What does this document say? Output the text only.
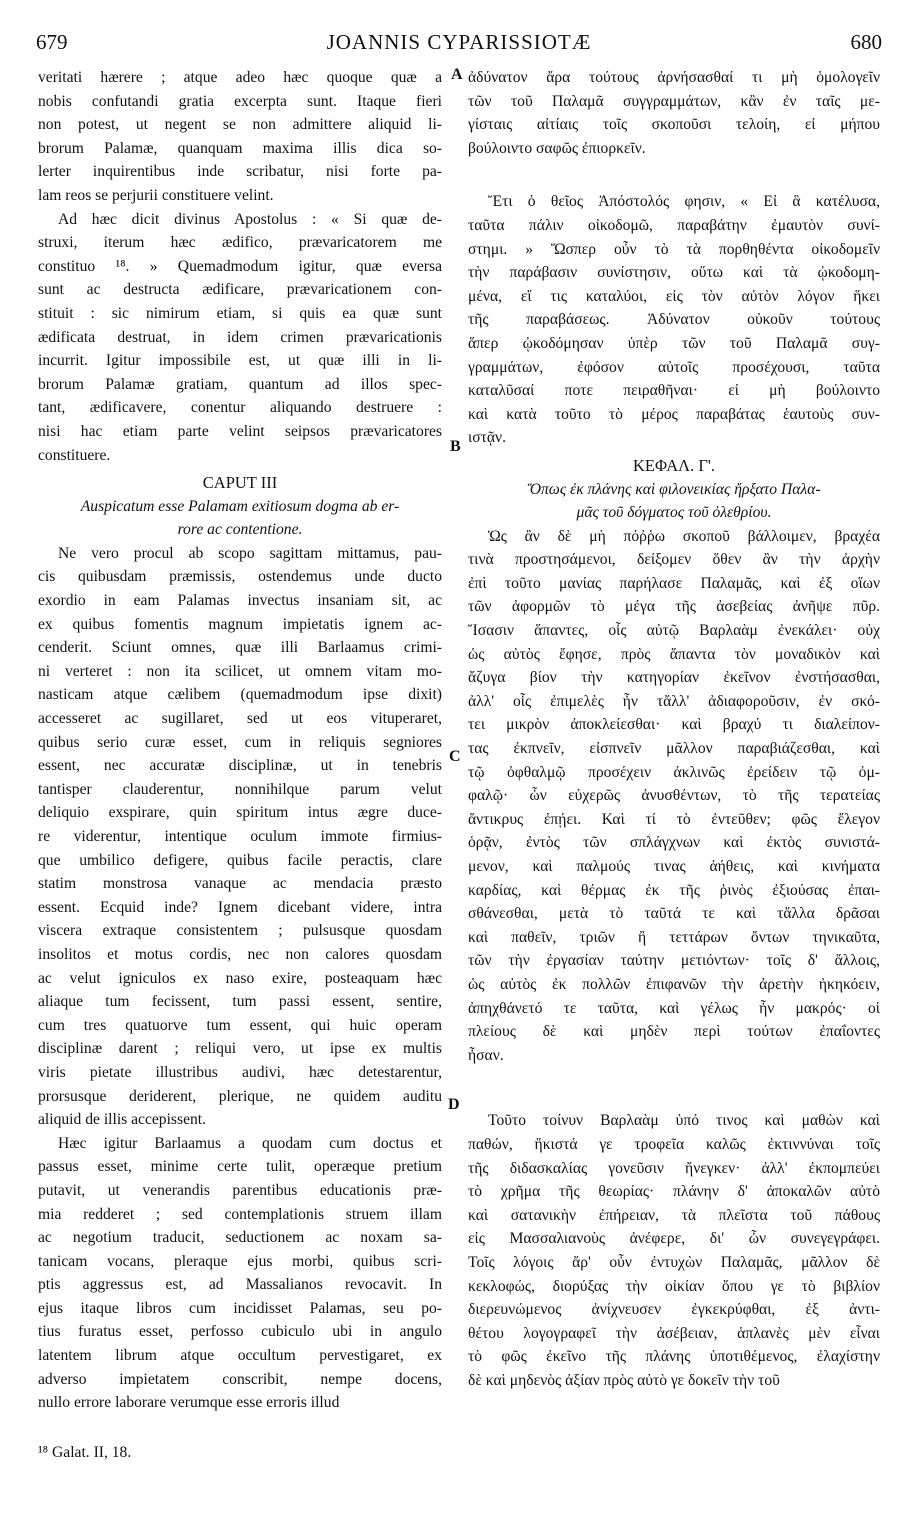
679	JOANNIS CYPARISSIOTÆ	680
A
B
C
D
veritati hærere ; atque adeo hæc quoque quæ a
nobis confutandi gratia excerpta sunt. Itaque fieri
non potest, ut negent se non admittere aliquid li-
brorum Palamæ, quanquam maxima illis dica so-
lerter inquirentibus inde scribatur, nisi forte pa-
lam reos se perjurii constituere velint.
Ad hæc dicit divinus Apostolus : « Si quæ de-
struxi, iterum hæc ædifico, prævaricatorem me
constituo ¹⁸. » Quemadmodum igitur, quæ eversa
sunt ac destructa ædificare, prævaricationem con-
stituit : sic nimirum etiam, si quis ea quæ sunt
ædificata destruat, in idem crimen prævaricationis
incurrit. Igitur impossibile est, ut quæ illi in li-
brorum Palamæ gratiam, quantum ad illos spec-
tant, ædificavere, conentur aliquando destruere :
nisi hac etiam parte velint seipsos prævaricatores
constituere.
CAPUT III
Auspicatum esse Palamam exitiosum dogma ab er-
rore ac contentione.
Ne vero procul ab scopo sagittam mittamus, pau-
cis quibusdam præmissis, ostendemus unde ducto
exordio in eam Palamas invectus insaniam sit, ac
ex quibus fomentis magnum impietatis ignem ac-
cenderit. Sciunt omnes, quæ illi Barlaamus crimi-
ni verteret : non ita scilicet, ut omnem vitam mo-
nasticam atque cælibem (quemadmodum ipse dixit)
accesseret ac sugillaret, sed ut eos vituperaret,
quibus serio curæ esset, cum in reliquis segniores
essent, nec accuratæ disciplinæ, ut in tenebris
tantisper clauderentur, nonnihilque parum velut
deliquio exspirare, quin spiritum intus ægre duce-
re viderentur, intentique oculum immote firmius-
que umbilico defigere, quibus facile peractis, clare
statim monstrosa vanaque ac mendacia præsto
essent. Ecquid inde? Ignem dicebant videre, intra
viscera extraque consistentem ; pulsusque quosdam
insolitos et motus cordis, nec non calores quosdam
ac velut igniculos ex naso exire, posteaquam hæc
aliaque tum fecissent, tum passi essent, sentire,
cum tres quatuorve tum essent, qui huic operam
disciplinæ darent ; reliqui vero, ut ipse ex multis
viris pietate illustribus audivi, hæc detestarentur,
prorsusque deriderent, plerique, ne quidem auditu
aliquid de illis accepissent.
Hæc igitur Barlaamus a quodam cum doctus et
passus esset, minime certe tulit, operæque pretium
putavit, ut venerandis parentibus educationis præ-
mia redderet ; sed contemplationis struem illam
ac negotium traducit, seductionem ac noxam sa-
tanicam vocans, pleraque ejus morbi, quibus scri-
ptis aggressus est, ad Massalianos revocavit. In
ejus itaque libros cum incidisset Palamas, seu po-
tius furatus esset, perfosso cubiculo ubi in angulo
latentem librum atque occultum pervestigaret, ex
adverso impietatem conscribit, nempe docens,
nullo errore laborare verumque esse erroris illud
ἀδύνατον ἄρα τούτους ἀρνήσασθαί τι μὴ ὁμολογεῖν
τῶν τοῦ Παλαμᾶ συγγραμμάτων, κἂν ἐν ταῖς με-
γίσταις αἰτίαις τοῖς σκοποῦσι τελοίη, εἰ μήπου
βούλοιντο σαφῶς ἐπιορκεῖν.
Ἔτι ὁ θεῖος Ἀπόστολός φησιν, « Εἰ ἃ κατέλυσα,
ταῦτα πάλιν οἰκοδομῶ, παραβάτην ἐμαυτὸν συνί-
στημι. » Ὥσπερ οὖν τὸ τὰ πορθηθέντα οἰκοδομεῖν
τὴν παράβασιν συνίστησιν, οὕτω καὶ τὰ ᾠκοδομη-
μένα, εἴ τις καταλύοι, εἰς τὸν αὐτὸν λόγον ἥκει
τῆς παραβάσεως. Ἀδύνατον οὐκοῦν τούτους
ἅπερ ᾠκοδόμησαν ὑπὲρ τῶν τοῦ Παλαμᾶ συγ-
γραμμάτων, ἐφόσον αὐτοῖς προσέχουσι, ταῦτα
καταλῦσαί ποτε πειραθῆναι· εἰ μὴ βούλοιντο
καὶ κατὰ τοῦτο τὸ μέρος παραβάτας ἑαυτοὺς συν-
ιστᾷν.
ΚΕΦΑΛ. Γ'.
Ὅπως ἐκ πλάνης καὶ φιλονεικίας ἤρξατο Παλα-
μᾶς τοῦ δόγματος τοῦ ὀλεθρίου.
Ὡς ἂν δὲ μὴ πόῤῥω σκοποῦ βάλλοιμεν, βραχέα
τινὰ προστησάμενοι, δείξομεν ὅθεν ἂν τὴν ἀρχὴν
ἐπὶ τοῦτο μανίας παρήλασε Παλαμᾶς, καὶ ἐξ οἵων
τῶν ἀφορμῶν τὸ μέγα τῆς ἀσεβείας ἀνῆψε πῦρ.
Ἴσασιν ἅπαντες, οἷς αὐτῷ Βαρλαὰμ ἐνεκάλει· οὐχ
ὡς αὐτὸς ἔφησε, πρὸς ἅπαντα τὸν μοναδικὸν καὶ
ἄζυγα βίον τὴν κατηγορίαν ἐκεῖνον ἐνστήσασθαι,
ἀλλ' οἷς ἐπιμελὲς ἦν τἄλλ' ἀδιαφοροῦσιν, ἐν σκό-
τει μικρὸν ἀποκλείεσθαι· καὶ βραχύ τι διαλείπον-
τας ἐκπνεῖν, εἰσπνεῖν μᾶλλον παραβιάζεσθαι, καὶ
τῷ ὀφθαλμῷ προσέχειν ἀκλινῶς ἐρείδειν τῷ ὀμ-
φαλῷ· ὧν εὐχερῶς ἀνυσθέντων, τὸ τῆς τερατείας
ἄντικρυς ἐπῄει. Καὶ τί τὸ ἐντεῦθεν; φῶς ἔλεγον
ὁρᾷν, ἐντὸς τῶν σπλάγχνων καὶ ἐκτὸς συνιστά-
μενον, καὶ παλμούς τινας ἀήθεις, καὶ κινήματα
καρδίας, καὶ θέρμας ἐκ τῆς ῥινὸς ἐξιούσας ἐπαι-
σθάνεσθαι, μετὰ τὸ ταῦτά τε καὶ τἄλλα δρᾶσαι
καὶ παθεῖν, τριῶν ἢ τεττάρων ὄντων τηνικαῦτα,
τῶν τὴν ἐργασίαν ταύτην μετιόντων· τοῖς δ' ἄλλοις,
ὡς αὐτὸς ἐκ πολλῶν ἐπιφανῶν τὴν ἀρετὴν ἠκηκόειν,
ἀπηχθάνετό τε ταῦτα, καὶ γέλως ἦν μακρός· οἱ
πλείους δὲ καὶ μηδὲν περὶ τούτων ἐπαΐοντες
ἦσαν.
Τοῦτο τοίνυν Βαρλαὰμ ὑπό τινος καὶ μαθὼν καὶ
παθών, ἥκιστά γε τροφεῖα καλῶς ἐκτιννύναι τοῖς
τῆς διδασκαλίας γονεῦσιν ἤνεγκεν· ἀλλ' ἐκπομπεύει
τὸ χρῆμα τῆς θεωρίας· πλάνην δ' ἀποκαλῶν αὐτὸ
καὶ σατανικὴν ἐπήρειαν, τὰ πλεῖστα τοῦ πάθους
εἰς Μασσαλιανοὺς ἀνέφερε, δι' ὧν συνεγεγράφει.
Τοῖς λόγοις ἄρ' οὖν ἐντυχὼν Παλαμᾶς, μᾶλλον δὲ
κεκλοφώς, διορύξας τὴν οἰκίαν ὅπου γε τὸ βιβλίον
διερευνώμενος ἀνίχνευσεν ἐγκεκρύφθαι, ἐξ ἀντι-
θέτου λογογραφεῖ τὴν ἀσέβειαν, ἁπλανὲς μὲν εἶναι
τὸ φῶς ἐκεῖνο τῆς πλάνης ὑποτιθέμενος, ἐλαχίστην
δὲ καὶ μηδενὸς ἀξίαν πρὸς αὐτὸ γε δοκεῖν τὴν τοῦ
¹⁸ Galat. II, 18.
